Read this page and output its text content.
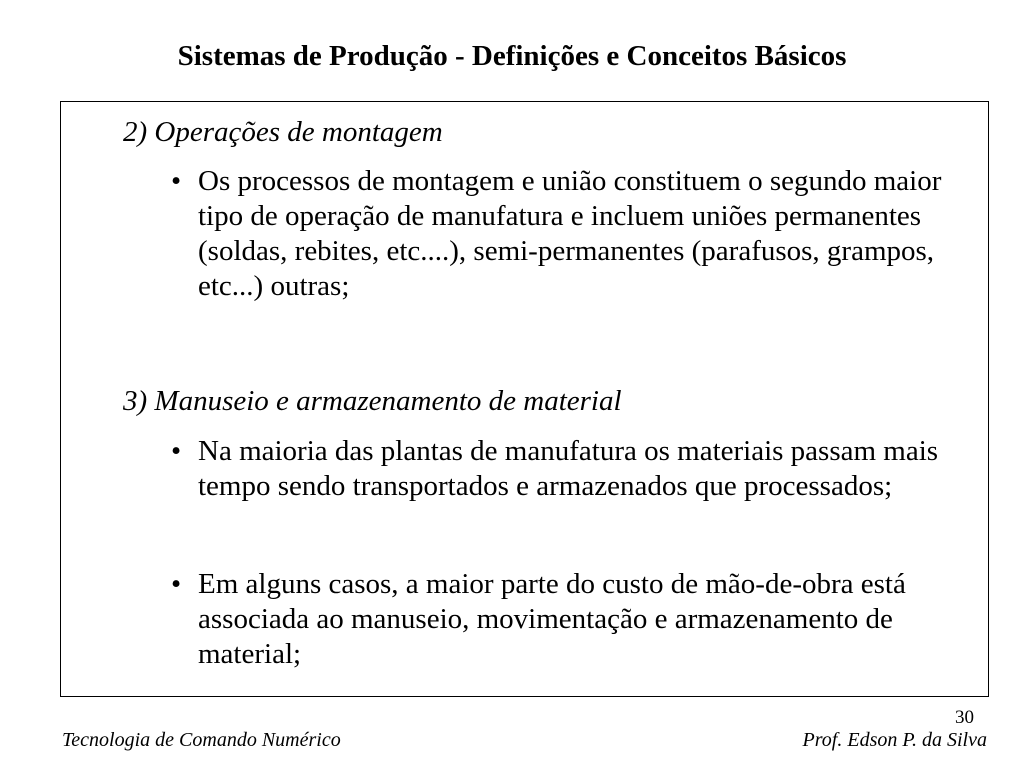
Sistemas de Produção - Definições e Conceitos Básicos
2) Operações de montagem
• Os processos de montagem e união constituem o segundo maior tipo de operação de manufatura e incluem uniões permanentes (soldas, rebites, etc....), semi-permanentes (parafusos, grampos, etc...) outras;
3) Manuseio e armazenamento de material
• Na maioria das plantas de manufatura os materiais passam mais tempo sendo transportados e armazenados que processados;
• Em alguns casos, a maior parte do custo de mão-de-obra está associada ao manuseio, movimentação e armazenamento de material;
30
Tecnologia de Comando Numérico	Prof. Edson P. da Silva
